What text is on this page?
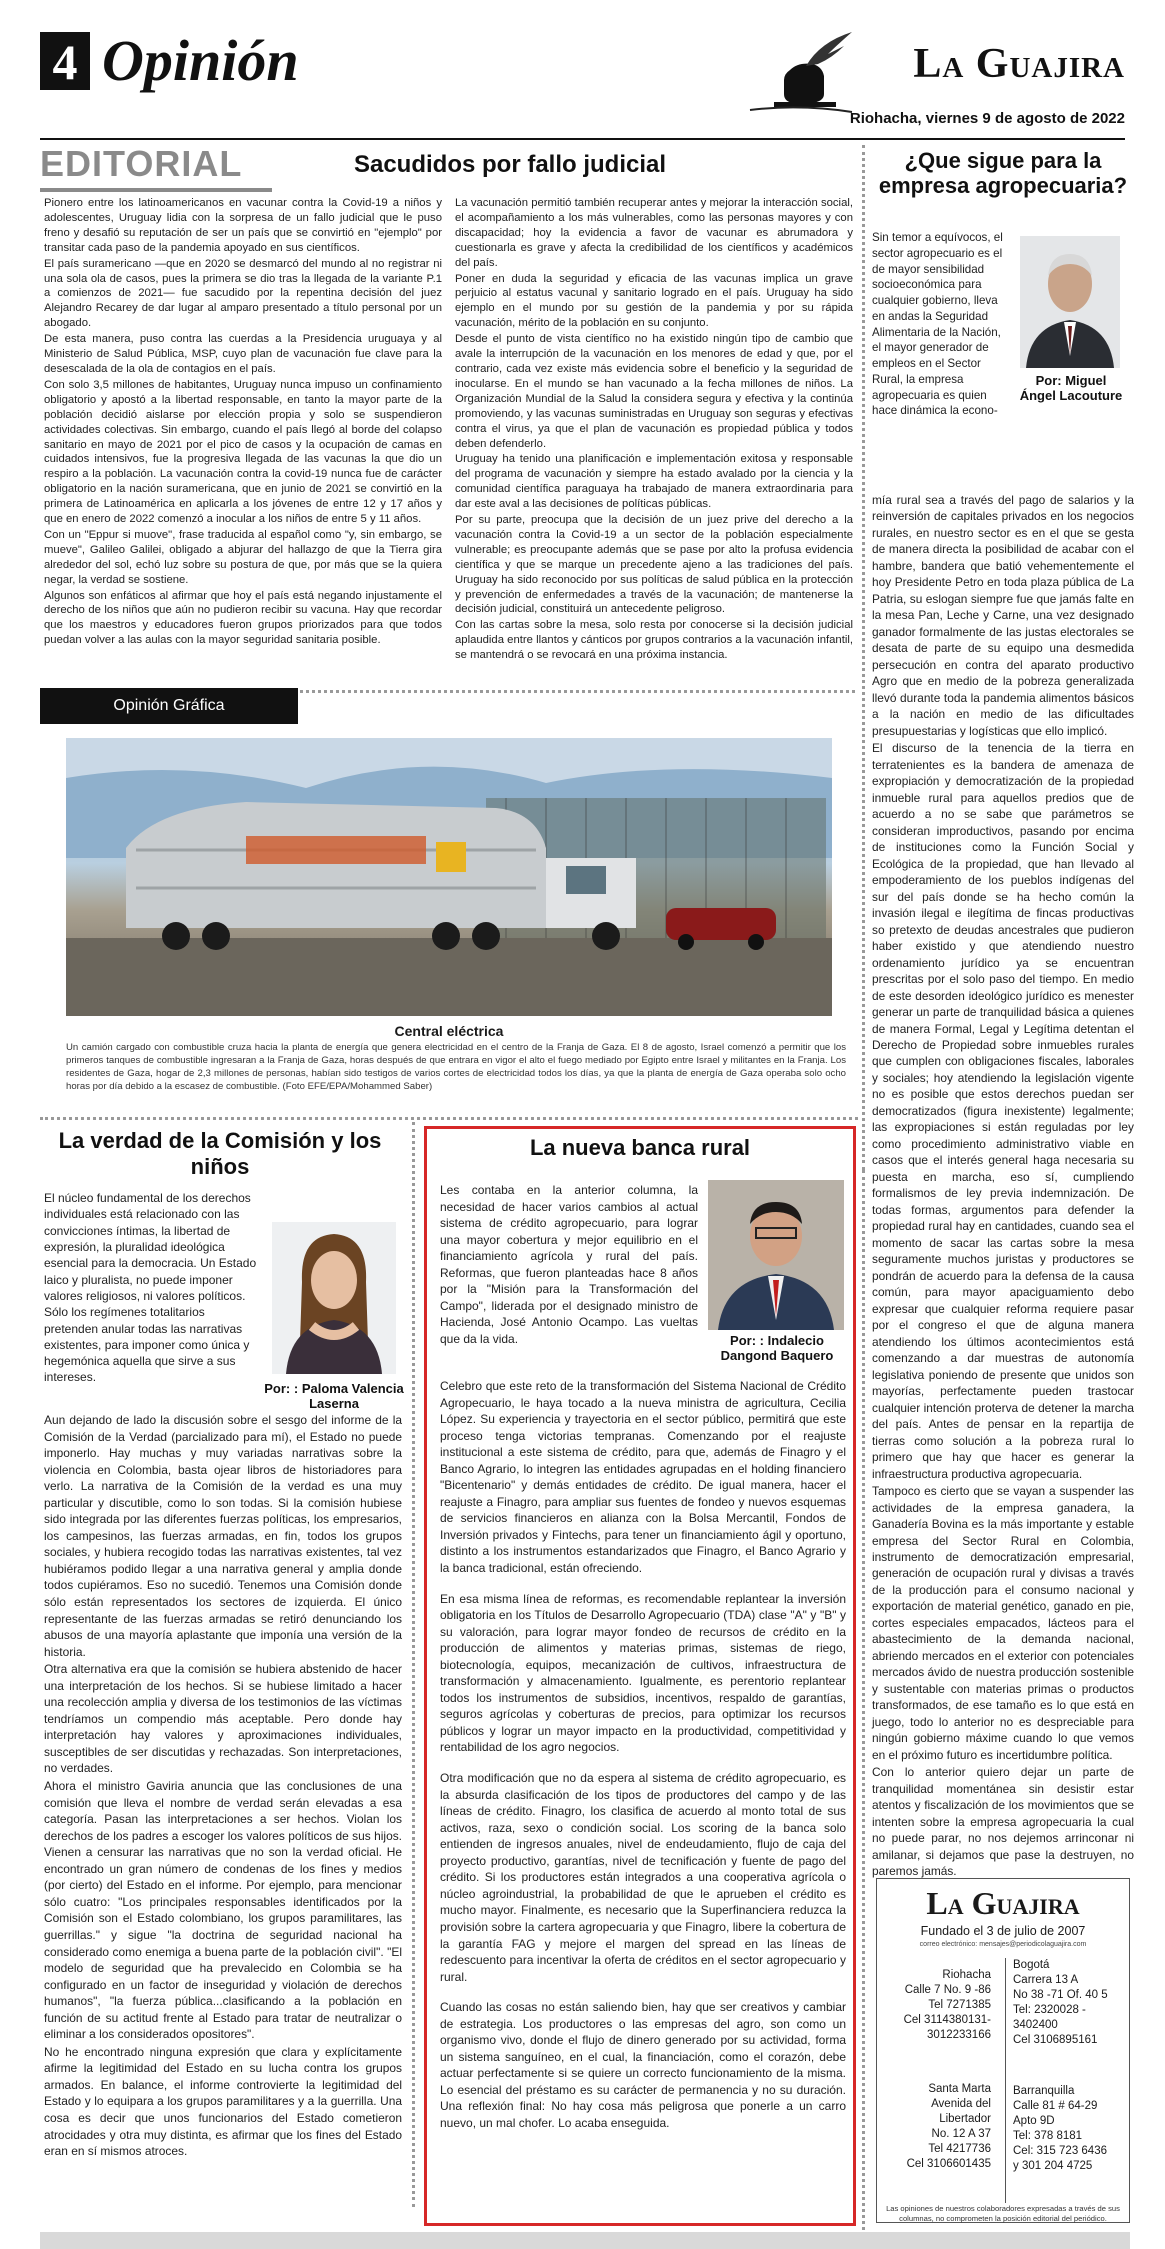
4 Opinión	La Guajira
Riohacha, viernes 9 de agosto de 2022
EDITORIAL	Sacudidos por fallo judicial

Pionero entre los latinoamericanos en vacunar contra la Covid-19 a niños y adolescentes, Uruguay lidia con la sorpresa de un fallo judicial que le puso freno y desafió su reputación de ser un país que se convirtió en "ejemplo" por transitar cada paso de la pandemia apoyado en sus científicos.

El país suramericano —que en 2020 se desmarcó del mundo al no registrar ni una sola ola de casos, pues la primera se dio tras la llegada de la variante P.1 a comienzos de 2021— fue sacudido por la repentina decisión del juez Alejandro Recarey de dar lugar al amparo presentado a título personal por un abogado.

De esta manera, puso contra las cuerdas a la Presidencia uruguaya y al Ministerio de Salud Pública, MSP, cuyo plan de vacunación fue clave para la desescalada de la ola de contagios en el país.

Con solo 3,5 millones de habitantes, Uruguay nunca impuso un confinamiento obligatorio y apostó a la libertad responsable, en tanto la mayor parte de la población decidió aislarse por elección propia y solo se suspendieron actividades colectivas. Sin embargo, cuando el país llegó al borde del colapso sanitario en mayo de 2021 por el pico de casos y la ocupación de camas en cuidados intensivos, fue la progresiva llegada de las vacunas la que dio un respiro a la población. La vacunación contra la covid-19 nunca fue de carácter obligatorio en la nación suramericana, que en junio de 2021 se convirtió en la primera de Latinoamérica en aplicarla a los jóvenes de entre 12 y 17 años y que en enero de 2022 comenzó a inocular a los niños de entre 5 y 11 años.

Con un "Eppur si muove", frase traducida al español como "y, sin embargo, se mueve", Galileo Galilei, obligado a abjurar del hallazgo de que la Tierra gira alrededor del sol, echó luz sobre su postura de que, por más que se la quiera negar, la verdad se sostiene.

Algunos son enfáticos al afirmar que hoy el país está negando injustamente el derecho de los niños que aún no pudieron recibir su vacuna. Hay que recordar que los maestros y educadores fueron grupos priorizados para que todos puedan volver a las aulas con la mayor seguridad sanitaria posible.

La vacunación permitió también recuperar antes y mejorar la interacción social, el acompañamiento a los más vulnerables, como las personas mayores y con discapacidad; hoy la evidencia a favor de vacunar es abrumadora y cuestionarla es grave y afecta la credibilidad de los científicos y académicos del país.

Poner en duda la seguridad y eficacia de las vacunas implica un grave perjuicio al estatus vacunal y sanitario logrado en el país. Uruguay ha sido ejemplo en el mundo por su gestión de la pandemia y por su rápida vacunación, mérito de la población en su conjunto.

Desde el punto de vista científico no ha existido ningún tipo de cambio que avale la interrupción de la vacunación en los menores de edad y que, por el contrario, cada vez existe más evidencia sobre el beneficio y la seguridad de inocularse. En el mundo se han vacunado a la fecha millones de niños. La Organización Mundial de la Salud la considera segura y efectiva y la continúa promoviendo, y las vacunas suministradas en Uruguay son seguras y efectivas contra el virus, ya que el plan de vacunación es propiedad pública y todos deben defenderlo.

Uruguay ha tenido una planificación e implementación exitosa y responsable del programa de vacunación y siempre ha estado avalado por la ciencia y la comunidad científica paraguaya ha trabajado de manera extraordinaria para dar este aval a las decisiones de políticas públicas.

Por su parte, preocupa que la decisión de un juez prive del derecho a la vacunación contra la Covid-19 a un sector de la población especialmente vulnerable; es preocupante además que se pase por alto la profusa evidencia científica y que se marque un precedente ajeno a las tradiciones del país. Uruguay ha sido reconocido por sus políticas de salud pública en la protección y prevención de enfermedades a través de la vacunación; de mantenerse la decisión judicial, constituirá un antecedente peligroso.

Con las cartas sobre la mesa, solo resta por conocerse si la decisión judicial aplaudida entre llantos y cánticos por grupos contrarios a la vacunación infantil, se mantendrá o se revocará en una próxima instancia.

Opinión Gráfica
Central eléctrica
Un camión cargado con combustible cruza hacia la planta de energía que genera electricidad en el centro de la Franja de Gaza. El 8 de agosto, Israel comenzó a permitir que los primeros tanques de combustible ingresaran a la Franja de Gaza, horas después de que entrara en vigor el alto el fuego mediado por Egipto entre Israel y militantes en la Franja. Los residentes de Gaza, hogar de 2,3 millones de personas, habían sido testigos de varios cortes de electricidad todos los días, ya que la planta de energía de Gaza operaba solo ocho horas por día debido a la escasez de combustible. (Foto EFE/EPA/Mohammed Saber)
¿Que sigue para la empresa agropecuaria?
Sin temor a equívocos, el sector agropecuario es el de mayor sensibilidad socioeconómica para cualquier gobierno, lleva en andas la Seguridad Alimentaria de la Nación, el mayor generador de empleos en el Sector Rural, la empresa agropecuaria es quien hace dinámica la econo-
Por: Miguel Ángel Lacouture

mía rural sea a través del pago de salarios y la reinversión de capitales privados en los negocios rurales, en nuestro sector es en el que se gesta de manera directa la posibilidad de acabar con el hambre, bandera que batió vehementemente el hoy Presidente Petro en toda plaza pública de La Patria, su eslogan siempre fue que jamás falte en la mesa Pan, Leche y Carne, una vez designado ganador formalmente de las justas electorales se desata de parte de su equipo una desmedida persecución en contra del aparato productivo Agro que en medio de la pobreza generalizada llevó durante toda la pandemia alimentos básicos a la nación en medio de las dificultades presupuestarias y logísticas que ello implicó.

El discurso de la tenencia de la tierra en terratenientes es la bandera de amenaza de expropiación y democratización de la propiedad inmueble rural para aquellos predios que de acuerdo a no se sabe que parámetros se consideran improductivos, pasando por encima de instituciones como la Función Social y Ecológica de la propiedad, que han llevado al empoderamiento de los pueblos indígenas del sur del país donde se ha hecho común la invasión ilegal e ilegítima de fincas productivas so pretexto de deudas ancestrales que pudieron haber existido y que atendiendo nuestro ordenamiento jurídico ya se encuentran prescritas por el solo paso del tiempo. En medio de este desorden ideológico jurídico es menester generar un parte de tranquilidad básica a quienes de manera Formal, Legal y Legítima detentan el Derecho de Propiedad sobre inmuebles rurales que cumplen con obligaciones fiscales, laborales y sociales; hoy atendiendo la legislación vigente no es posible que estos derechos puedan ser democratizados (figura inexistente) legalmente; las expropiaciones si están reguladas por ley como procedimiento administrativo viable en casos que el interés general haga necesaria su puesta en marcha, eso sí, cumpliendo formalismos de ley previa indemnización. De todas formas, argumentos para defender la propiedad rural hay en cantidades, cuando sea el momento de sacar las cartas sobre la mesa seguramente muchos juristas y productores se pondrán de acuerdo para la defensa de la causa común, para mayor apaciguamiento debo expresar que cualquier reforma requiere pasar por el congreso el que de alguna manera atendiendo los últimos acontecimientos está comenzando a dar muestras de autonomía legislativa poniendo de presente que unidos son mayorías, perfectamente pueden trastocar cualquier intención proterva de detener la marcha del país. Antes de pensar en la repartija de tierras como solución a la pobreza rural lo primero que hay que hacer es generar la infraestructura productiva agropecuaria.

Tampoco es cierto que se vayan a suspender las actividades de la empresa ganadera, la Ganadería Bovina es la más importante y estable empresa del Sector Rural en Colombia, instrumento de democratización empresarial, generación de ocupación rural y divisas a través de la producción para el consumo nacional y exportación de material genético, ganado en pie, cortes especiales empacados, lácteos para el abastecimiento de la demanda nacional, abriendo mercados en el exterior con potenciales mercados ávido de nuestra producción sostenible y sustentable con materias primas o productos transformados, de ese tamaño es lo que está en juego, todo lo anterior no es despreciable para ningún gobierno máxime cuando lo que vemos en el próximo futuro es incertidumbre política.

Con lo anterior quiero dejar un parte de tranquilidad momentánea sin desistir estar atentos y fiscalización de los movimientos que se intenten sobre la empresa agropecuaria la cual no puede parar, no nos dejemos arrinconar ni amilanar, si dejamos que pase la destruyen, no paremos jamás.

La Guajira
Fundado el 3 de julio de 2007
correo electrónico: mensajes@periodicolaguajira.com
Riohacha
Calle 7 No. 9 -86
Tel 7271385
Cel 3114380131-
3012233166
Bogotá
Carrera 13 A
No 38 -71 Of. 40 5
Tel: 2320028 -
3402400
Cel 3106895161
Santa Marta
Avenida del
Libertador
No. 12 A 37
Tel 4217736
Cel 3106601435
Barranquilla
Calle 81 # 64-29
Apto 9D
Tel: 378 8181
Cel: 315 723 6436
y 301 204 4725
Las opiniones de nuestros colaboradores expresadas a través de sus columnas, no comprometen la posición editorial del periódico.
La verdad de la Comisión y los niños
El núcleo fundamental de los derechos individuales está relacionado con las convicciones íntimas, la libertad de expresión, la pluralidad ideológica esencial para la democracia. Un Estado laico y pluralista, no puede imponer valores religiosos, ni valores políticos. Sólo los regímenes totalitarios pretenden anular todas las narrativas existentes, para imponer como única y hegemónica aquella que sirve a sus intereses.
Por: : Paloma Valencia Laserna

Aun dejando de lado la discusión sobre el sesgo del informe de la Comisión de la Verdad (parcializado para mí), el Estado no puede imponerlo. Hay muchas y muy variadas narrativas sobre la violencia en Colombia, basta ojear libros de historiadores para verlo. La narrativa de la Comisión de la verdad es una muy particular y discutible, como lo son todas. Si la comisión hubiese sido integrada por las diferentes fuerzas políticas, los empresarios, los campesinos, las fuerzas armadas, en fin, todos los grupos sociales, y hubiera recogido todas las narrativas existentes, tal vez hubiéramos podido llegar a una narrativa general y amplia donde todos cupiéramos. Eso no sucedió. Tenemos una Comisión donde sólo están representados los sectores de izquierda. El único representante de las fuerzas armadas se retiró denunciando los abusos de una mayoría aplastante que imponía una versión de la historia.

Otra alternativa era que la comisión se hubiera abstenido de hacer una interpretación de los hechos. Si se hubiese limitado a hacer una recolección amplia y diversa de los testimonios de las víctimas tendríamos un compendio más aceptable. Pero donde hay interpretación hay valores y aproximaciones individuales, susceptibles de ser discutidas y rechazadas. Son interpretaciones, no verdades.

Ahora el ministro Gaviria anuncia que las conclusiones de una comisión que lleva el nombre de verdad serán elevadas a esa categoría. Pasan las interpretaciones a ser hechos. Violan los derechos de los padres a escoger los valores políticos de sus hijos. Vienen a censurar las narrativas que no son la verdad oficial. He encontrado un gran número de condenas de los fines y medios (por cierto) del Estado en el informe. Por ejemplo, para mencionar sólo cuatro: "Los principales responsables identificados por la Comisión son el Estado colombiano, los grupos paramilitares, las guerrillas." y sigue "la doctrina de seguridad nacional ha considerado como enemiga a buena parte de la población civil". "El modelo de seguridad que ha prevalecido en Colombia se ha configurado en un factor de inseguridad y violación de derechos humanos", "la fuerza pública...clasificando a la población en función de su actitud frente al Estado para tratar de neutralizar o eliminar a los considerados opositores".

No he encontrado ninguna expresión que clara y explícitamente afirme la legitimidad del Estado en su lucha contra los grupos armados. En balance, el informe controvierte la legitimidad del Estado y lo equipara a los grupos paramilitares y a la guerrilla. Una cosa es decir que unos funcionarios del Estado cometieron atrocidades y otra muy distinta, es afirmar que los fines del Estado eran en sí mismos atroces.

La nueva banca rural
Les contaba en la anterior columna, la necesidad de hacer varios cambios al actual sistema de crédito agropecuario, para lograr una mayor cobertura y mejor equilibrio en el financiamiento agrícola y rural del país. Reformas, que fueron planteadas hace 8 años por la "Misión para la Transformación del Campo", liderada por el designado ministro de Hacienda, José Antonio Ocampo. Las vueltas que da la vida.	Por: : Indalecio Dangond Baquero

Celebro que este reto de la transformación del Sistema Nacional de Crédito Agropecuario, le haya tocado a la nueva ministra de agricultura, Cecilia López. Su experiencia y trayectoria en el sector público, permitirá que este proceso tenga victorias tempranas. Comenzando por el reajuste institucional a este sistema de crédito, para que, además de Finagro y el Banco Agrario, lo integren las entidades agrupadas en el holding financiero "Bicentenario" y demás entidades de crédito. De igual manera, hacer el reajuste a Finagro, para ampliar sus fuentes de fondeo y nuevos esquemas de servicios financieros en alianza con la Bolsa Mercantil, Fondos de Inversión privados y Fintechs, para tener un financiamiento ágil y oportuno, distinto a los instrumentos estandarizados que Finagro, el Banco Agrario y la banca tradicional, están ofreciendo.

En esa misma línea de reformas, es recomendable replantear la inversión obligatoria en los Títulos de Desarrollo Agropecuario (TDA) clase "A" y "B" y su valoración, para lograr mayor fondeo de recursos de crédito en la producción de alimentos y materias primas, sistemas de riego, biotecnología, equipos, mecanización de cultivos, infraestructura de transformación y almacenamiento. Igualmente, es perentorio replantear todos los instrumentos de subsidios, incentivos, respaldo de garantías, seguros agrícolas y coberturas de precios, para optimizar los recursos públicos y lograr un mayor impacto en la productividad, competitividad y rentabilidad de los agro negocios.

Otra modificación que no da espera al sistema de crédito agropecuario, es la absurda clasificación de los tipos de productores del campo y de las líneas de crédito. Finagro, los clasifica de acuerdo al monto total de sus activos, raza, sexo o condición social. Los scoring de la banca solo entienden de ingresos anuales, nivel de endeudamiento, flujo de caja del proyecto productivo, garantías, nivel de tecnificación y fuente de pago del crédito. Si los productores están integrados a una cooperativa agrícola o núcleo agroindustrial, la probabilidad de que le aprueben el crédito es mucho mayor. Finalmente, es necesario que la Superfinanciera reduzca la provisión sobre la cartera agropecuaria y que Finagro, libere la cobertura de la garantía FAG y mejore el margen del spread en las líneas de redescuento para incentivar la oferta de créditos en el sector agropecuario y rural.

Cuando las cosas no están saliendo bien, hay que ser creativos y cambiar de estrategia. Los productores o las empresas del agro, son como un organismo vivo, donde el flujo de dinero generado por su actividad, forma un sistema sanguíneo, en el cual, la financiación, como el corazón, debe actuar perfectamente si se quiere un correcto funcionamiento de la misma. Lo esencial del préstamo es su carácter de permanencia y no su duración. Una reflexión final: No hay cosa más peligrosa que ponerle a un carro nuevo, un mal chofer. Lo acaba enseguida.
